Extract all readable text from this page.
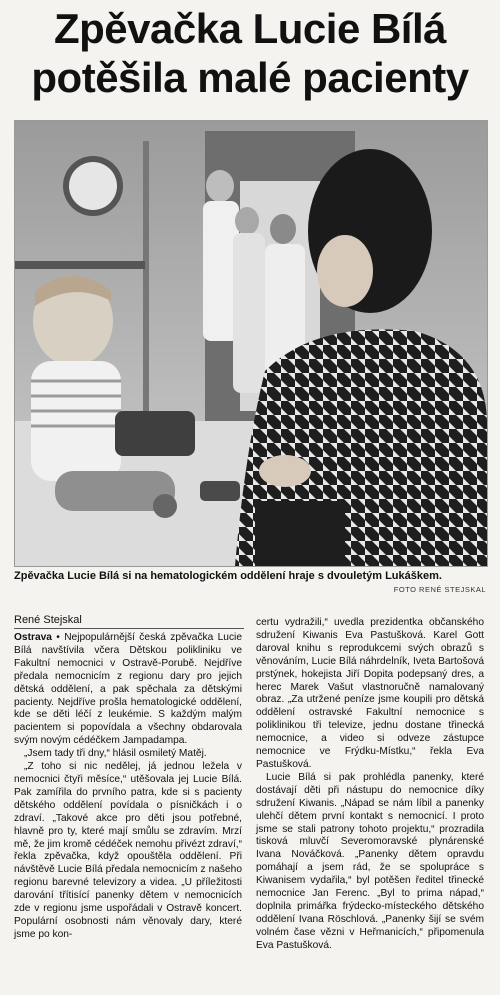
Zpěvačka Lucie Bílá
potěšila malé pacienty
Zpěvačka Lucie Bílá si na hematologickém oddělení hraje s dvouletým Lukáškem.
FOTO RENÉ STEJSKAL
René Stejskal

Ostrava • Nejpopulárnější česká zpěvačka Lucie Bílá navštívila včera Dětskou polikliniku ve Fakultní nemocnici v Ostravě-Porubě. Nejdříve předala nemocnicím z regionu dary pro jejich dětská oddělení, a pak spěchala za dětskými pacienty. Nejdříve prošla hematologické oddělení, kde se děti léčí z leukémie. S každým malým pacientem si popovídala a všechny obdarovala svým novým cédéčkem Jampadampa.

„Jsem tady tři dny,“ hlásil osmiletý Matěj.

„Z toho si nic nedělej, já jednou ležela v nemocnici čtyři měsíce,“ utěšovala jej Lucie Bílá. Pak zamířila do prvního patra, kde si s pacienty dětského oddělení povídala o písničkách i o zdraví. „Takové akce pro děti jsou potřebné, hlavně pro ty, které mají smůlu se zdravím. Mrzí mě, že jim kromě cédéček nemohu přivézt zdraví,“ řekla zpěvačka, když opouštěla oddělení. Při návštěvě Lucie Bílá předala nemocnicím z našeho regionu barevné televizory a videa. „U příležitosti darování třítisící panenky dětem v nemocnicích zde v regionu jsme uspořádali v Ostravě koncert. Populární osobnosti nám věnovaly dary, které jsme po kon-

certu vydražili,“ uvedla prezidentka občanského sdružení Kiwanis Eva Pastušková. Karel Gott daroval knihu s reprodukcemi svých obrazů s věnováním, Lucie Bílá náhrdelník, Iveta Bartošová prstýnek, hokejista Jiří Dopita podepsaný dres, a herec Marek Vašut vlastnoručně namalovaný obraz. „Za utržené peníze jsme koupili pro dětská oddělení ostravské Fakultní nemocnice s poliklinikou tři televize, jednu dostane třinecká nemocnice, a video si odveze zástupce nemocnice ve Frýdku-Místku,“ řekla Eva Pastušková.

Lucie Bílá si pak prohlédla panenky, které dostávají děti při nástupu do nemocnice díky sdružení Kiwanis. „Nápad se nám líbil a panenky ulehčí dětem první kontakt s nemocnicí. I proto jsme se stali patrony tohoto projektu,“ prozradila tisková mluvčí Severomoravské plynárenské Ivana Nováčková. „Panenky dětem opravdu pomáhají a jsem rád, že se spolupráce s Kiwanisem vydařila,“ byl potěšen ředitel třinecké nemocnice Jan Ferenc. „Byl to prima nápad,“ doplnila primářka frýdecko-místeckého dětského oddělení Ivana Röschlová. „Panenky šijí se svém volném čase vězni v Heřmanicích,“ připomenula Eva Pastušková.
